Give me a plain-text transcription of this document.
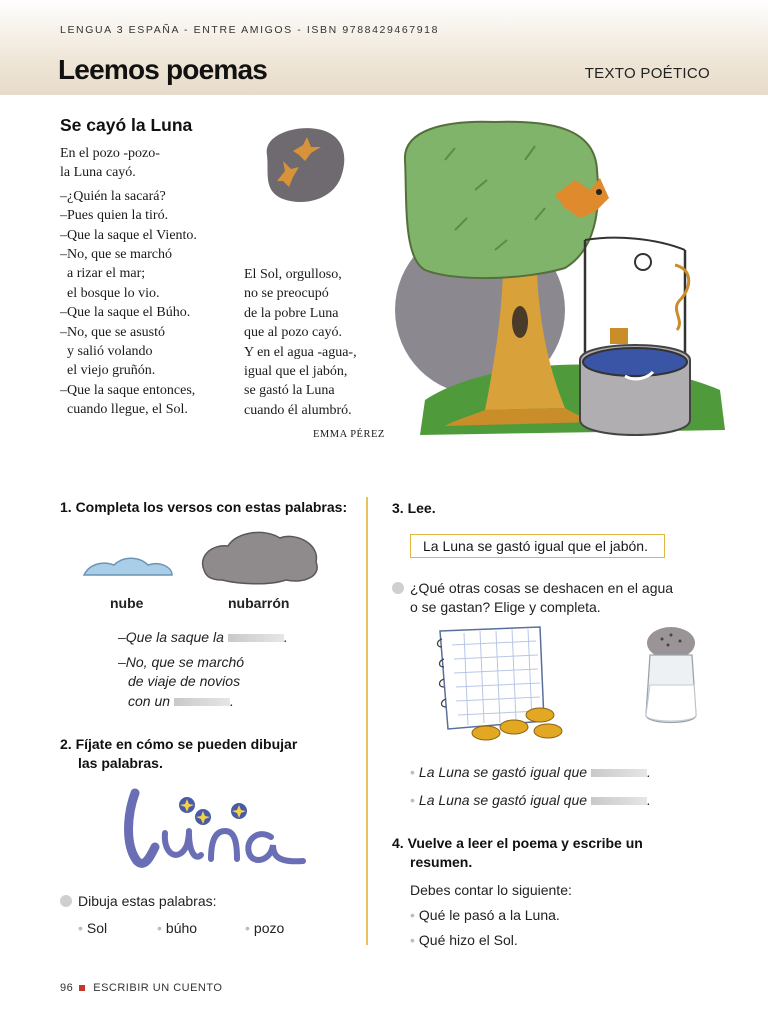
LENGUA 3 ESPAÑA - ENTRE AMIGOS - ISBN 9788429467918
Leemos poemas	TEXTO POÉTICO
Se cayó la Luna
En el pozo -pozo-
la Luna cayó.
–¿Quién la sacará?
–Pues quien la tiró.
–Que la saque el Viento.
–No, que se marchó
a rizar el mar;
el bosque lo vio.
–Que la saque el Búho.
–No, que se asustó
y salió volando
el viejo gruñón.
–Que la saque entonces,
cuando llegue, el Sol.
El Sol, orgulloso,
no se preocupó
de la pobre Luna
que al pozo cayó.
Y en el agua -agua-,
igual que el jabón,
se gastó la Luna
cuando él alumbró.
EMMA PÉREZ
1. Completa los versos con estas palabras:
nube	nubarrón
–Que la saque la	.
–No, que se marchó
de viaje de novios
con un	.
2. Fíjate en cómo se pueden dibujar
las palabras.
Dibuja estas palabras:
• Sol	• búho	• pozo
3. Lee.
La Luna se gastó igual que el jabón.
¿Qué otras cosas se deshacen en el agua
o se gastan? Elige y completa.
• La Luna se gastó igual que	.
• La Luna se gastó igual que	.
4. Vuelve a leer el poema y escribe un
resumen.
Debes contar lo siguiente:
• Qué le pasó a la Luna.
• Qué hizo el Sol.
96 ESCRIBIR UN CUENTO
